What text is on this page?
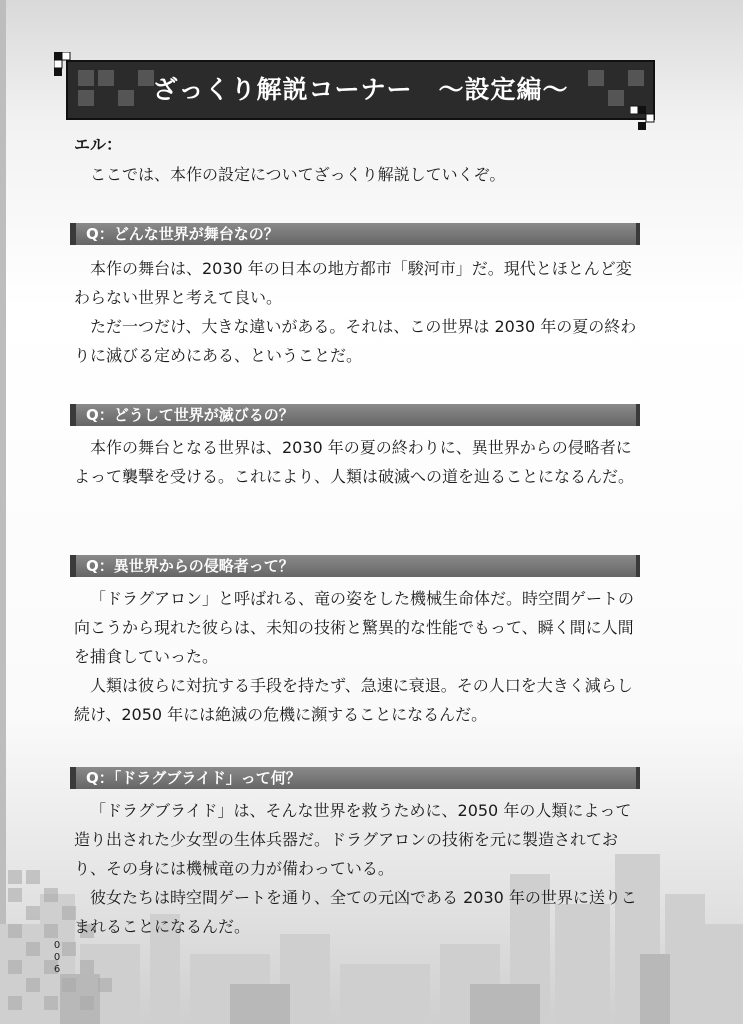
ざっくり解説コーナー　～設定編～
エル：
ここでは、本作の設定についてざっくり解説していくぞ。
Q：どんな世界が舞台なの？

本作の舞台は、2030 年の日本の地方都市「駿河市」だ。現代とほとんど変わらない世界と考えて良い。

ただ一つだけ、大きな違いがある。それは、この世界は 2030 年の夏の終わりに滅びる定めにある、ということだ。

Q：どうして世界が滅びるの？

本作の舞台となる世界は、2030 年の夏の終わりに、異世界からの侵略者によって襲撃を受ける。これにより、人類は破滅への道を辿ることになるんだ。

Q：異世界からの侵略者って？

「ドラグアロン」と呼ばれる、竜の姿をした機械生命体だ。時空間ゲートの向こうから現れた彼らは、未知の技術と驚異的な性能でもって、瞬く間に人間を捕食していった。

人類は彼らに対抗する手段を持たず、急速に衰退。その人口を大きく減らし続け、2050 年には絶滅の危機に瀕することになるんだ。

Q：「ドラグブライド」って何？

「ドラグブライド」は、そんな世界を救うために、2050 年の人類によって造り出された少女型の生体兵器だ。ドラグアロンの技術を元に製造されており、その身には機械竜の力が備わっている。

彼女たちは時空間ゲートを通り、全ての元凶である 2030 年の世界に送りこまれることになるんだ。

0
0
6
